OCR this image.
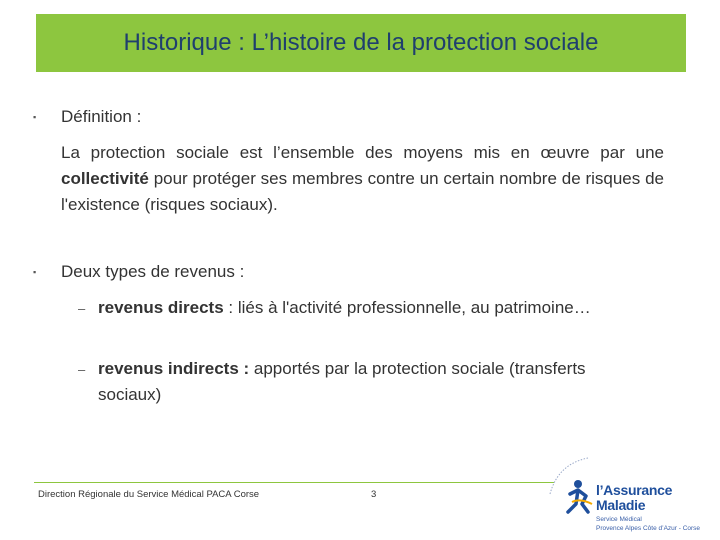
Historique : L’histoire de la protection sociale
▪ Définition :
La protection sociale est l’ensemble des moyens mis en œuvre par une collectivité pour protéger ses membres contre un certain nombre de risques de l'existence (risques sociaux).
▪ Deux types de revenus :
– revenus directs : liés à l'activité professionnelle, au patrimoine…
– revenus indirects : apportés par la protection sociale (transferts sociaux)
Direction Régionale du Service Médical PACA Corse	3	l’Assurance
Maladie
Service Médical
Provence Alpes Côte d’Azur - Corse
